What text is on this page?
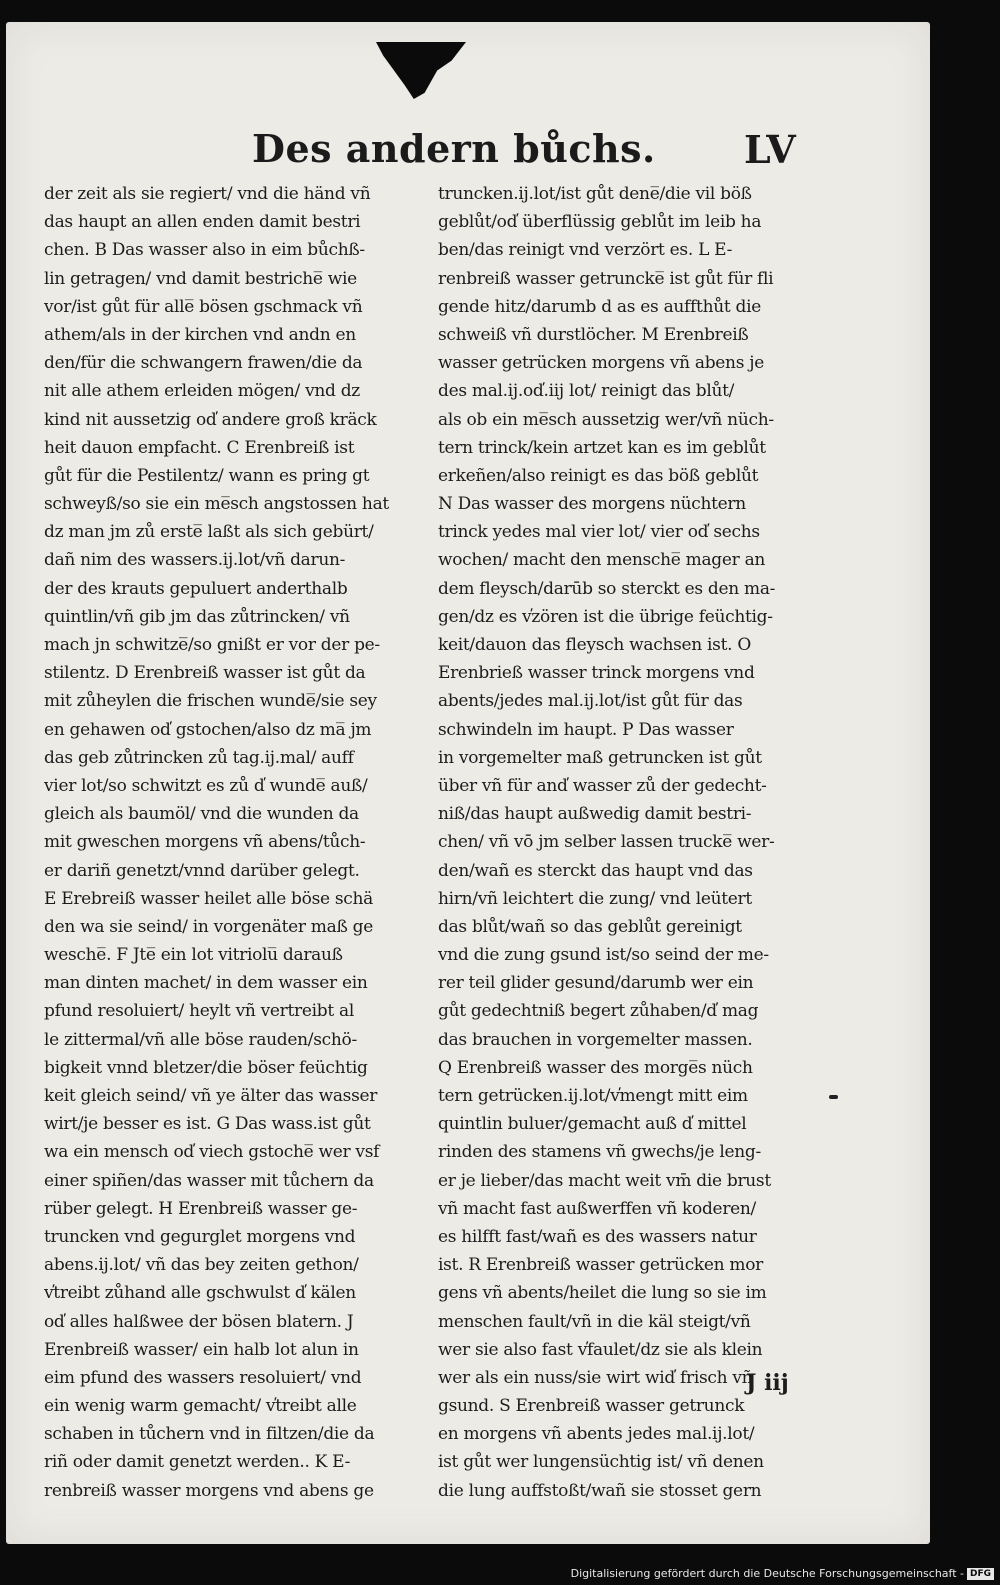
Des andern bůchs. LV
der zeit als sie regiert/ vnd die händ vñ
das haupt an allen enden damit bestri
chen. B Das wasser also in eim bůchß-
lin getragen/ vnd damit bestriche̅ wie
vor/ist gůt für alle̅ bösen gschmack vñ
athem/als in der kirchen vnd andn en
den/für die schwangern frawen/die da
nit alle athem erleiden mögen/ vnd dz
kind nit aussetzig od̕ andere groß kräck
heit dauon empfacht. C Erenbreiß ist
gůt für die Pestilentz/ wann es pring gt
schweyß/so sie ein me̅sch angstossen hat
dz man jm zů erste̅ laßt als sich gebürt/
dañ nim des wassers.ij.lot/vñ darun-
der des krauts gepuluert anderthalb
quintlin/vñ gib jm das zůtrincken/ vñ
mach jn schwitze̅/so gnißt er vor der pe-
stilentz. D Erenbreiß wasser ist gůt da
mit zůheylen die frischen wunde̅/sie sey
en gehawen od̕ gstochen/also dz ma̅ jm
das geb zůtrincken zů tag.ij.mal/ auff
vier lot/so schwitzt es zů d̕ wunde̅ auß/
gleich als baumöl/ vnd die wunden da
mit gweschen morgens vñ abens/tůch-
er dariñ genetzt/vnnd darüber gelegt.
E Erebreiß wasser heilet alle böse schä
den wa sie seind/ in vorgenäter maß ge
wesche̅. F Jte̅ ein lot vitriolu̅ darauß
man dinten machet/ in dem wasser ein
pfund resoluiert/ heylt vñ vertreibt al
le zittermal/vñ alle böse rauden/schö-
bigkeit vnnd bletzer/die böser feüchtig
keit gleich seind/ vñ ye älter das wasser
wirt/je besser es ist. G Das wass.ist gůt
wa ein mensch od̕ viech gstoche̅ wer vsf
einer spiñen/das wasser mit tůchern da
rüber gelegt. H Erenbreiß wasser ge-
truncken vnd gegurglet morgens vnd
abens.ij.lot/ vñ das bey zeiten gethon/
v̕treibt zůhand alle gschwulst d̕ kälen
od̕ alles halßwee der bösen blatern. J
Erenbreiß wasser/ ein halb lot alun in
eim pfund des wassers resoluiert/ vnd
ein wenig warm gemacht/ v̕treibt alle
schaben in tůchern vnd in filtzen/die da
riñ oder damit genetzt werden.. K E-
renbreiß wasser morgens vnd abens ge
truncken.ij.lot/ist gůt dene̅/die vil böß
geblůt/od̕ überflüssig geblůt im leib ha
ben/das reinigt vnd verzört es. L E-
renbreiß wasser getruncke̅ ist gůt für fli
gende hitz/darumb d as es auffthůt die
schweiß vñ durstlöcher. M Erenbreiß
wasser getrücken morgens vñ abens je
des mal.ij.od̕.iij lot/ reinigt das blůt/
als ob ein me̅sch aussetzig wer/vñ nüch-
tern trinck/kein artzet kan es im geblůt
erkeñen/also reinigt es das böß geblůt
N Das wasser des morgens nüchtern
trinck yedes mal vier lot/ vier od̕ sechs
wochen/ macht den mensche̅ mager an
dem fleysch/darūb so sterckt es den ma-
gen/dz es v̕zören ist die übrige feüchtig-
keit/dauon das fleysch wachsen ist. O
Erenbrieß wasser trinck morgens vnd
abents/jedes mal.ij.lot/ist gůt für das
schwindeln im haupt. P Das wasser
in vorgemelter maß getruncken ist gůt
über vñ für and̕ wasser zů der gedecht-
niß/das haupt außwedig damit bestri-
chen/ vñ vō jm selber lassen trucke̅ wer-
den/wañ es sterckt das haupt vnd das
hirn/vñ leichtert die zung/ vnd leütert
das blůt/wañ so das geblůt gereinigt
vnd die zung gsund ist/so seind der me-
rer teil glider gesund/darumb wer ein
gůt gedechtniß begert zůhaben/d̕ mag
das brauchen in vorgemelter massen.
Q Erenbreiß wasser des morge̅s nüch
tern getrücken.ij.lot/v̕mengt mitt eim
quintlin buluer/gemacht auß d̕ mittel
rinden des stamens vñ gwechs/je leng-
er je lieber/das macht weit vm̄ die brust
vñ macht fast außwerffen vñ koderen/
es hilfft fast/wañ es des wassers natur
ist. R Erenbreiß wasser getrücken mor
gens vñ abents/heilet die lung so sie im
menschen fault/vñ in die käl steigt/vñ
wer sie also fast v̕faulet/dz sie als klein
wer als ein nuss/sie wirt wid̕ frisch vñ
gsund. S Erenbreiß wasser getrunck
en morgens vñ abents jedes mal.ij.lot/
ist gůt wer lungensüchtig ist/ vñ denen
die lung auffstoßt/wañ sie stosset gern
J iij
Digitalisierung gefördert durch die Deutsche Forschungsgemeinschaft - DFG
